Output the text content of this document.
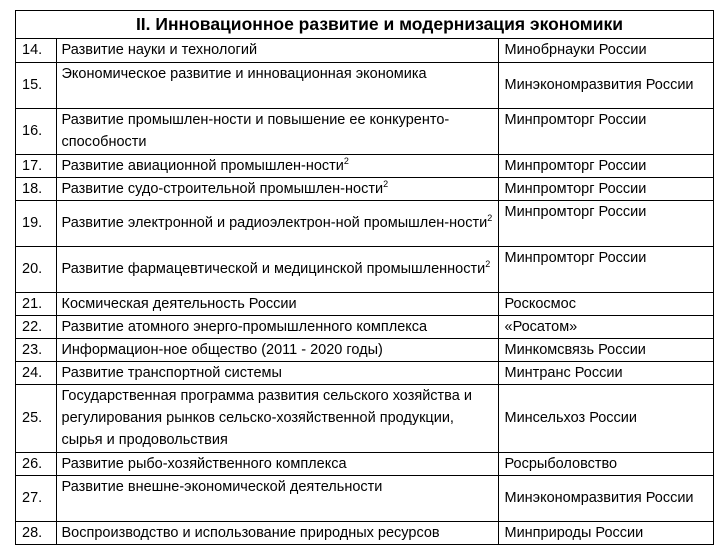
II. Инновационное развитие и модернизация экономики
14.	Развитие науки и технологий	Минобрнауки России
15.	Экономическое развитие и инновационная экономика	Минэкономразвития России
16.	Развитие промышлен-ности и повышение ее конкуренто-способности	Минпромторг России
17.	Развитие авиационной промышлен-ности$^2$	Минпромторг России
18.	Развитие судо-строительной промышлен-ности$^2$	Минпромторг России
19.	Развитие электронной и радиоэлектрон-ной промышлен-ности$^2$	Минпромторг России
20.	Развитие фармацевтической и медицинской промышленности$^2$	Минпромторг России
21.	Космическая деятельность России	Роскосмос
22.	Развитие атомного энерго-промышленного комплекса	«Росатом»
23.	Информацион-ное общество (2011 - 2020 годы)	Минкомсвязь России
24.	Развитие транспортной системы	Минтранс России
25.	Государственная программа развития сельского хозяйства и регулирования рынков сельско-хозяйственной продукции, сырья и продовольствия	Минсельхоз России
26.	Развитие рыбо-хозяйственного комплекса	Росрыболовство
27.	Развитие внешне-экономической деятельности	Минэкономразвития России
28.	Воспроизводство и использование природных ресурсов	Минприроды России
